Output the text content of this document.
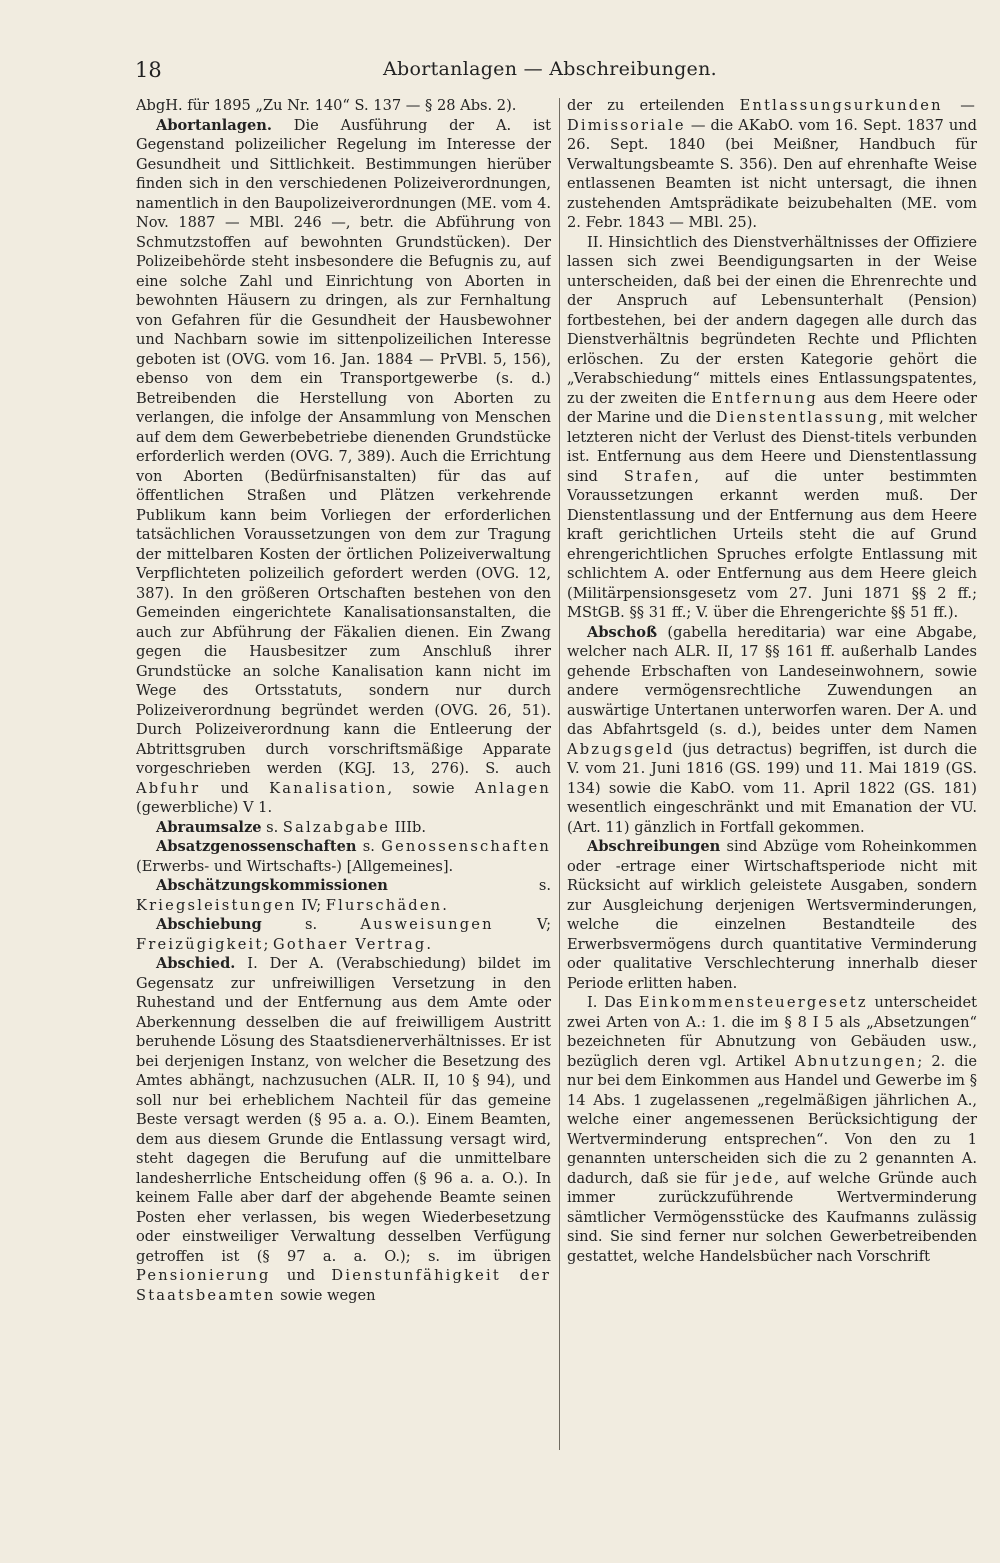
18	Abortanlagen — Abschreibungen.

AbgH. für 1895 „Zu Nr. 140“ S. 137 — § 28 Abs. 2).

Abortanlagen. Die Ausführung der A. ist Gegenstand polizeilicher Regelung im Interesse der Gesundheit und Sittlichkeit. Bestimmungen hierüber finden sich in den verschiedenen Polizeiverordnungen, namentlich in den Baupolizeiverordnungen (ME. vom 4. Nov. 1887 — MBl. 246 —, betr. die Abführung von Schmutzstoffen auf bewohnten Grundstücken). Der Polizeibehörde steht insbesondere die Befugnis zu, auf eine solche Zahl und Einrichtung von Aborten in bewohnten Häusern zu dringen, als zur Fernhaltung von Gefahren für die Gesundheit der Hausbewohner und Nachbarn sowie im sittenpolizeilichen Interesse geboten ist (OVG. vom 16. Jan. 1884 — PrVBl. 5, 156), ebenso von dem ein Transportgewerbe (s. d.) Betreibenden die Herstellung von Aborten zu verlangen, die infolge der Ansammlung von Menschen auf dem dem Gewerbebetriebe dienenden Grundstücke erforderlich werden (OVG. 7, 389). Auch die Errichtung von Aborten (Bedürfnisanstalten) für das auf öffentlichen Straßen und Plätzen verkehrende Publikum kann beim Vorliegen der erforderlichen tatsächlichen Voraussetzungen von dem zur Tragung der mittelbaren Kosten der örtlichen Polizeiverwaltung Verpflichteten polizeilich gefordert werden (OVG. 12, 387). In den größeren Ortschaften bestehen von den Gemeinden eingerichtete Kanalisationsanstalten, die auch zur Abführung der Fäkalien dienen. Ein Zwang gegen die Hausbesitzer zum Anschluß ihrer Grundstücke an solche Kanalisation kann nicht im Wege des Ortsstatuts, sondern nur durch Polizeiverordnung begründet werden (OVG. 26, 51). Durch Polizeiverordnung kann die Entleerung der Abtrittsgruben durch vorschriftsmäßige Apparate vorgeschrieben werden (KGJ. 13, 276). S. auch Abfuhr und Kanalisation, sowie Anlagen (gewerbliche) V 1.

Abraumsalze s. Salzabgabe IIIb.

Absatzgenossenschaften s. Genossenschaften (Erwerbs- und Wirtschafts-) [Allgemeines].

Abschätzungskommissionen s. Kriegsleistungen IV; Flurschäden.

Abschiebung s. Ausweisungen V; Freizügigkeit; Gothaer Vertrag.

Abschied. I. Der A. (Verabschiedung) bildet im Gegensatz zur unfreiwilligen Versetzung in den Ruhestand und der Entfernung aus dem Amte oder Aberkennung desselben die auf freiwilligem Austritt beruhende Lösung des Staatsdienerverhältnisses. Er ist bei derjenigen Instanz, von welcher die Besetzung des Amtes abhängt, nachzusuchen (ALR. II, 10 § 94), und soll nur bei erheblichem Nachteil für das gemeine Beste versagt werden (§ 95 a. a. O.). Einem Beamten, dem aus diesem Grunde die Entlassung versagt wird, steht dagegen die Berufung auf die unmittelbare landesherrliche Entscheidung offen (§ 96 a. a. O.). In keinem Falle aber darf der abgehende Beamte seinen Posten eher verlassen, bis wegen Wiederbesetzung oder einstweiliger Verwaltung desselben Verfügung getroffen ist (§ 97 a. a. O.); s. im übrigen Pensionierung und Dienstunfähigkeit der Staatsbeamten sowie wegen

der zu erteilenden Entlassungsurkunden — Dimissoriale — die AKabO. vom 16. Sept. 1837 und 26. Sept. 1840 (bei Meißner, Handbuch für Verwaltungsbeamte S. 356). Den auf ehrenhafte Weise entlassenen Beamten ist nicht untersagt, die ihnen zustehenden Amtsprädikate beizubehalten (ME. vom 2. Febr. 1843 — MBl. 25).

II. Hinsichtlich des Dienstverhältnisses der Offiziere lassen sich zwei Beendigungsarten in der Weise unterscheiden, daß bei der einen die Ehrenrechte und der Anspruch auf Lebensunterhalt (Pension) fortbestehen, bei der andern dagegen alle durch das Dienstverhältnis begründeten Rechte und Pflichten erlöschen. Zu der ersten Kategorie gehört die „Verabschiedung“ mittels eines Entlassungspatentes, zu der zweiten die Entfernung aus dem Heere oder der Marine und die Dienstentlassung, mit welcher letzteren nicht der Verlust des Dienst-titels verbunden ist. Entfernung aus dem Heere und Dienstentlassung sind Strafen, auf die unter bestimmten Voraussetzungen erkannt werden muß. Der Dienstentlassung und der Entfernung aus dem Heere kraft gerichtlichen Urteils steht die auf Grund ehrengerichtlichen Spruches erfolgte Entlassung mit schlichtem A. oder Entfernung aus dem Heere gleich (Militärpensionsgesetz vom 27. Juni 1871 §§ 2 ff.; MStGB. §§ 31 ff.; V. über die Ehrengerichte §§ 51 ff.).

Abschoß (gabella hereditaria) war eine Abgabe, welcher nach ALR. II, 17 §§ 161 ff. außerhalb Landes gehende Erbschaften von Landeseinwohnern, sowie andere vermögensrechtliche Zuwendungen an auswärtige Untertanen unterworfen waren. Der A. und das Abfahrtsgeld (s. d.), beides unter dem Namen Abzugsgeld (jus detractus) begriffen, ist durch die V. vom 21. Juni 1816 (GS. 199) und 11. Mai 1819 (GS. 134) sowie die KabO. vom 11. April 1822 (GS. 181) wesentlich eingeschränkt und mit Emanation der VU. (Art. 11) gänzlich in Fortfall gekommen.

Abschreibungen sind Abzüge vom Roheinkommen oder -ertrage einer Wirtschaftsperiode nicht mit Rücksicht auf wirklich geleistete Ausgaben, sondern zur Ausgleichung derjenigen Wertsverminderungen, welche die einzelnen Bestandteile des Erwerbsvermögens durch quantitative Verminderung oder qualitative Verschlechterung innerhalb dieser Periode erlitten haben.

I. Das Einkommensteuergesetz unterscheidet zwei Arten von A.: 1. die im § 8 I 5 als „Absetzungen“ bezeichneten für Abnutzung von Gebäuden usw., bezüglich deren vgl. Artikel Abnutzungen; 2. die nur bei dem Einkommen aus Handel und Gewerbe im § 14 Abs. 1 zugelassenen „regelmäßigen jährlichen A., welche einer angemessenen Berücksichtigung der Wertverminderung entsprechen“. Von den zu 1 genannten unterscheiden sich die zu 2 genannten A. dadurch, daß sie für jede, auf welche Gründe auch immer zurückzuführende Wertverminderung sämtlicher Vermögensstücke des Kaufmanns zulässig sind. Sie sind ferner nur solchen Gewerbetreibenden gestattet, welche Handelsbücher nach Vorschrift
